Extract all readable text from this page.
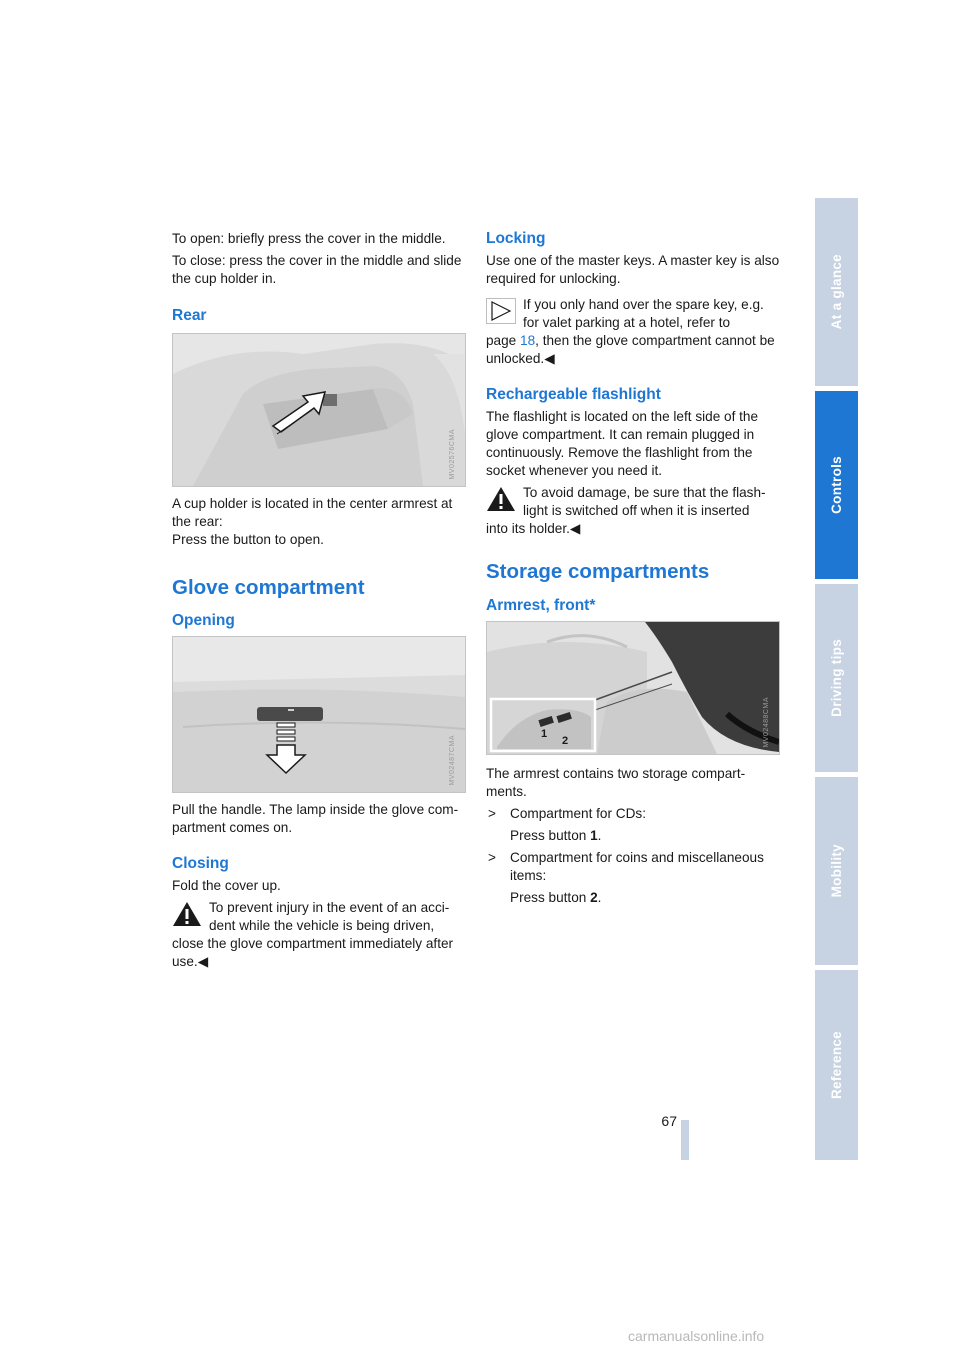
To open: briefly press the cover in the middle.

To close: press the cover in the middle and slide the cup holder in.

Rear

MV02576CMA

A cup holder is located in the center armrest at the rear:

Press the button to open.

Glove compartment

Opening

MV02487CMA

Pull the handle. The lamp inside the glove com-partment comes on.

Closing

Fold the cover up.

To prevent injury in the event of an acci-

dent while the vehicle is being driven,

close the glove compartment immediately after use.◀

Locking

Use one of the master keys. A master key is also required for unlocking.

If you only hand over the spare key, e.g.

for valet parking at a hotel, refer to

page 18, then the glove compartment cannot be unlocked.◀

Rechargeable flashlight

The flashlight is located on the left side of the glove compartment. It can remain plugged in continuously. Remove the flashlight from the socket whenever you need it.

To avoid damage, be sure that the flash-

light is switched off when it is inserted

into its holder.◀

Storage compartments

Armrest, front*

1
2	MV02488CMA

The armrest contains two storage compart-ments.

> Compartment for CDs:

Press button 1.

> Compartment for coins and miscellaneous items:

Press button 2.

At a glance
Controls
Driving tips
Mobility
Reference
67
carmanualsonline.info
